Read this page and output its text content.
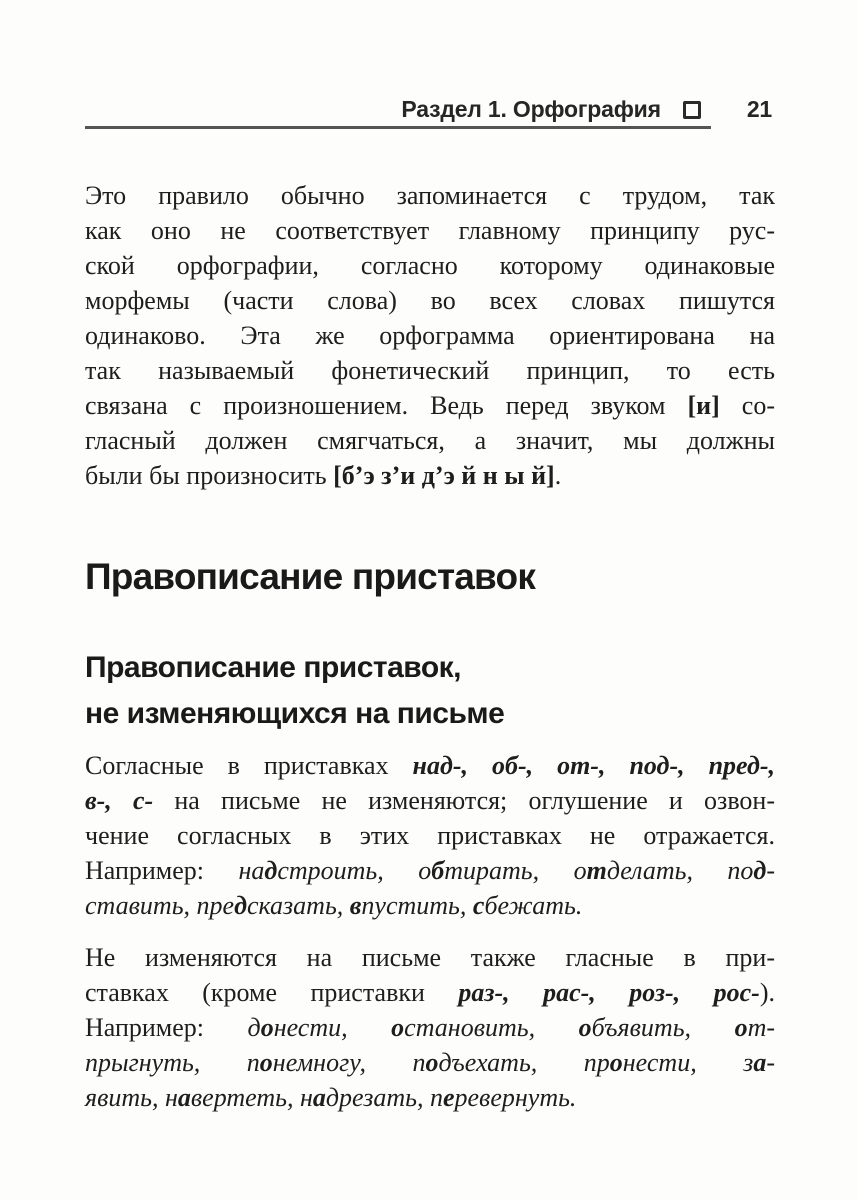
Раздел 1. Орфография	21
Это правило обычно запоминается с трудом, так
как оно не соответствует главному принципу рус-
ской орфографии, согласно которому одинаковые
морфемы (части слова) во всех словах пишутся
одинаково. Эта же орфограмма ориентирована на
так называемый фонетический принцип, то есть
связана с произношением. Ведь перед звуком [и] со-
гласный должен смягчаться, а значит, мы должны
были бы произносить [б’э з’и д’э й н ы й].
Правописание приставок
Правописание приставок,
не изменяющихся на письме
Согласные в приставках над-, об-, от-, под-, пред-,
в-, с- на письме не изменяются; оглушение и озвон-
чение согласных в этих приставках не отражается.
Например: надстроить, обтирать, отделать, под-
ставить, предсказать, впустить, сбежать.
Не изменяются на письме также гласные в при-
ставках (кроме приставки раз-, рас-, роз-, рос-).
Например: донести, остановить, объявить, от-
прыгнуть, понемногу, подъехать, пронести, за-
явить, навертеть, надрезать, перевернуть.
